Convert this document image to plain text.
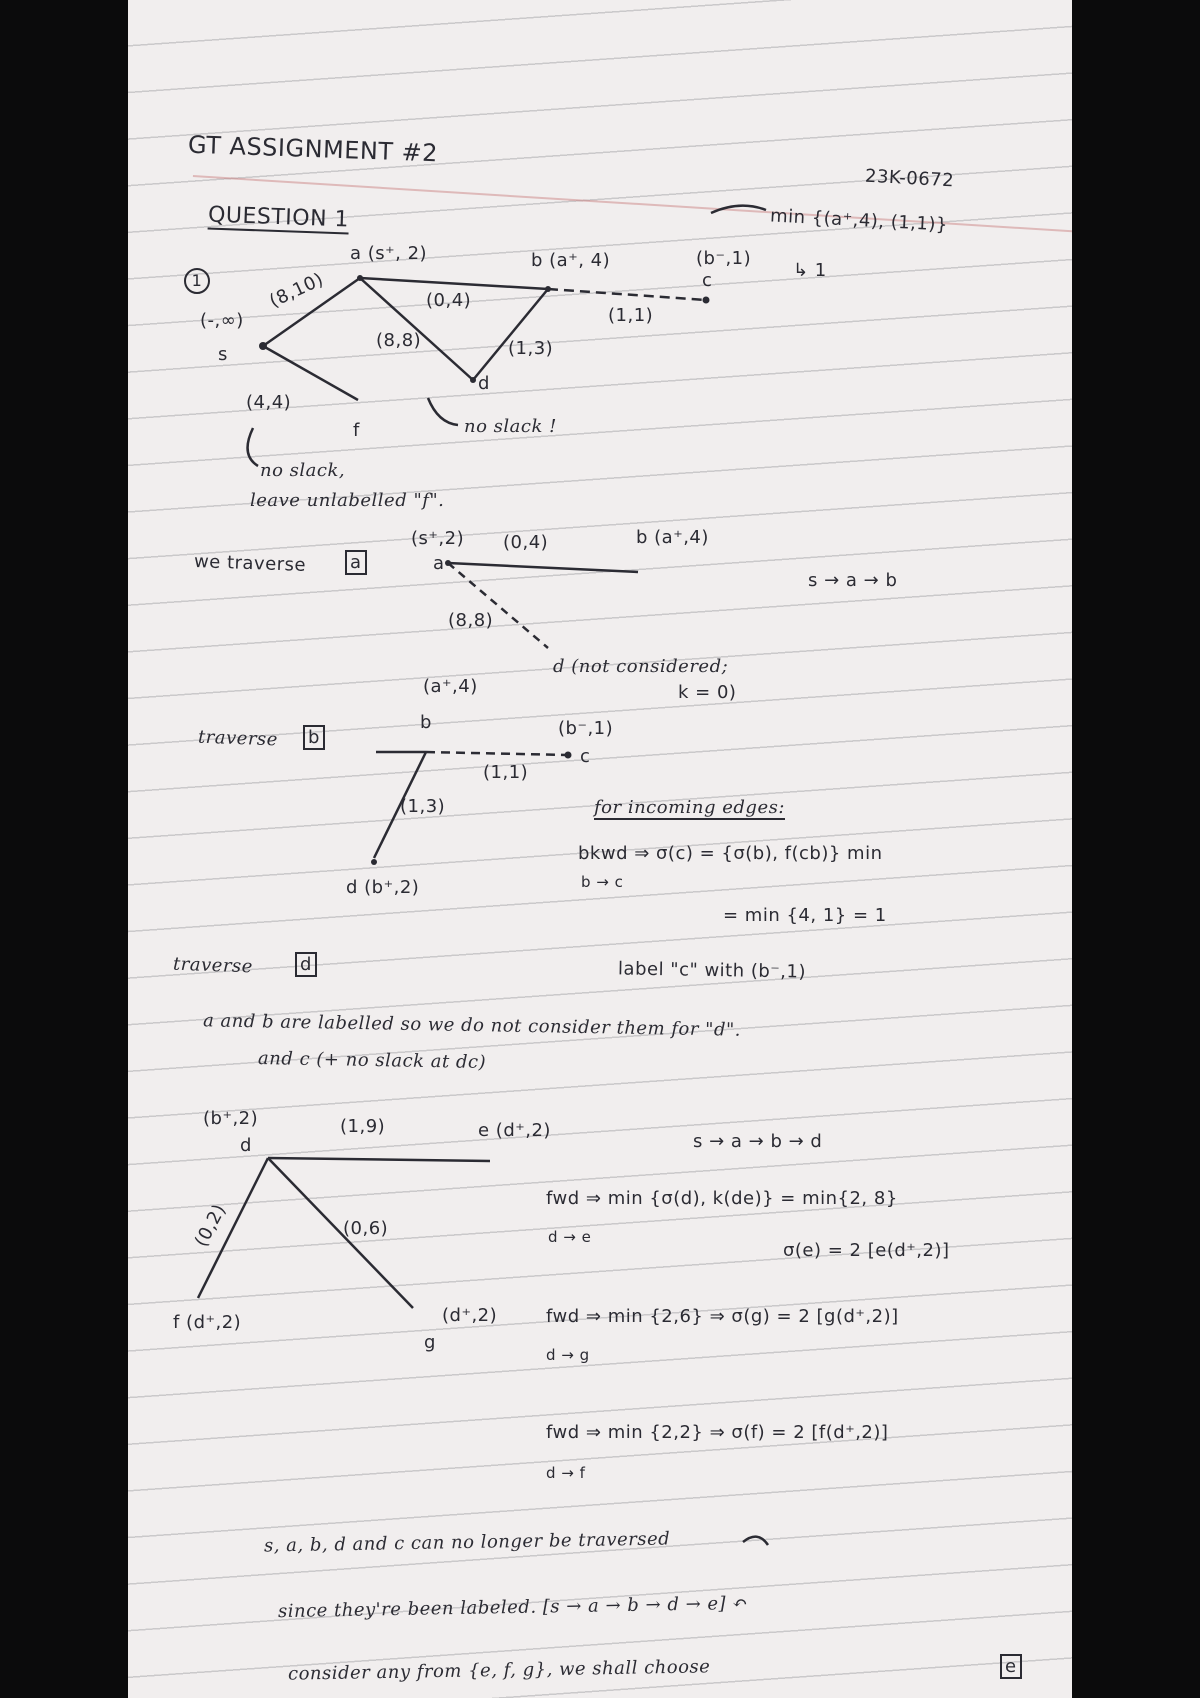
GT ASSIGNMENT #2
23K-0672
QUESTION 1
1
(-,∞)
s
a (s⁺, 2)	b (a⁺, 4)
c
d
f
(8,10)	(0,4)
(8,8)	(1,3)
(1,1)
(4,4)
(b⁻,1)
min {(a⁺,4), (1,1)}
↳ 1
no slack !
no slack,
leave unlabelled "f".
we traverse a
(s⁺,2)
a
(0,4)	b (a⁺,4)
(8,8)
d (not considered;
k = 0)
s → a → b
traverse b
(a⁺,4)
b	(b⁻,1)
c
(1,1)
(1,3)
d (b⁺,2)
for incoming edges:
bkwd ⇒ σ(c) = {σ(b), f(cb)} min
b → c
= min {4, 1} = 1
label "c" with (b⁻,1)
traverse	d
a and b are labelled so we do not consider them for "d".
and c (+ no slack at dc)
(b⁺,2)
d
(1,9)	e (d⁺,2)
(0,2)	(0,6)
f (d⁺,2)	(d⁺,2)
g
s → a → b → d
fwd ⇒ min {σ(d), k(de)} = min{2, 8}
d → e
σ(e) = 2 [e(d⁺,2)]
fwd ⇒ min {2,6} ⇒ σ(g) = 2 [g(d⁺,2)]
d → g
fwd ⇒ min {2,2} ⇒ σ(f) = 2 [f(d⁺,2)]
d → f
s, a, b, d and c can no longer be traversed
since they're been labeled. [s → a → b → d → e] ↶
consider any from {e, f, g}, we shall choose	e
